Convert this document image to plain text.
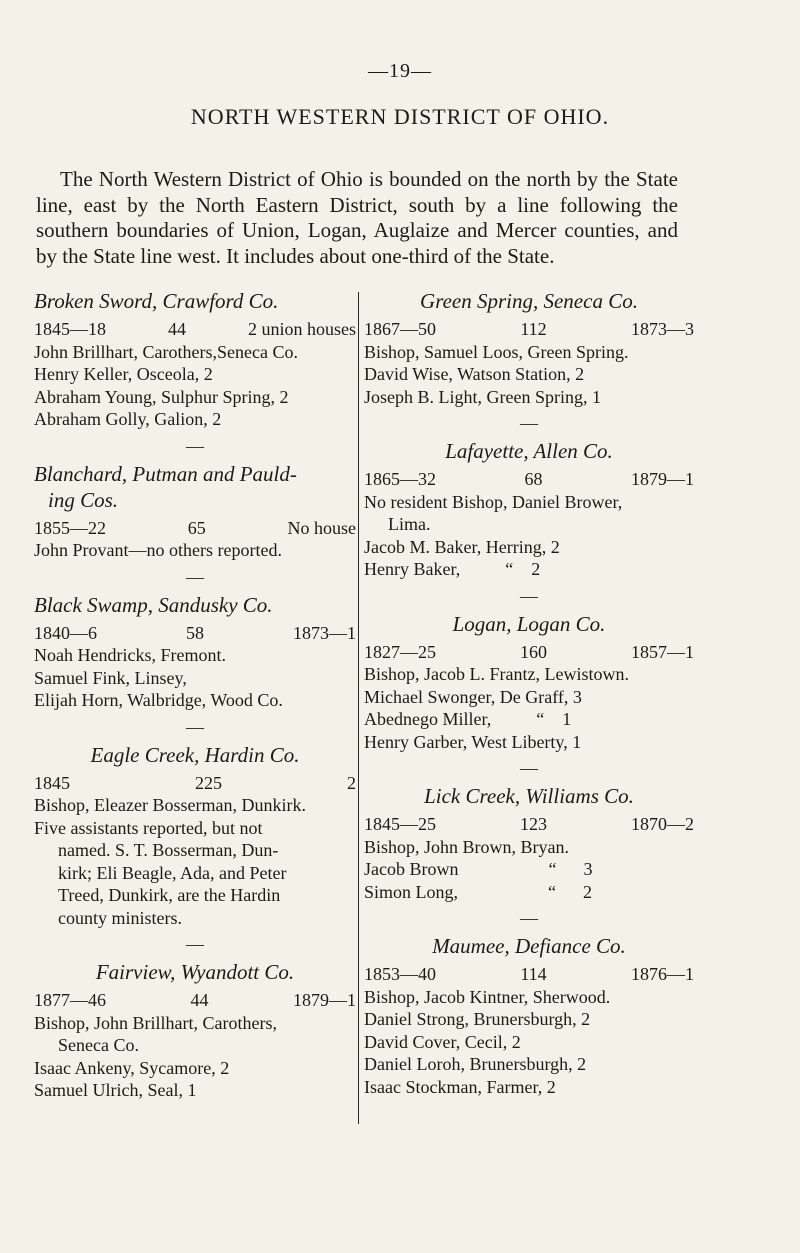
—19—
NORTH WESTERN DISTRICT OF OHIO.

The North Western District of Ohio is bounded on the north by the State line, east by the North Eastern District, south by a line following the southern boundaries of Union, Logan, Auglaize and Mercer counties, and by the State line west. It includes about one-third of the State.

Broken Sword, Crawford Co.
1845—18	44	2 union houses
John Brillhart, Carothers,Seneca Co.
Henry Keller, Osceola, 2
Abraham Young, Sulphur Spring, 2
Abraham Golly, Galion, 2
—
Blanchard, Putman and Pauld-
ing Cos.
1855—22	65	No house
John Provant—no others reported.
—
Black Swamp, Sandusky Co.
1840—6	58	1873—1
Noah Hendricks, Fremont.
Samuel Fink, Linsey,
Elijah Horn, Walbridge, Wood Co.
—
Eagle Creek, Hardin Co.
1845	225	2
Bishop, Eleazer Bosserman, Dunkirk.
Five assistants reported, but not
named. S. T. Bosserman, Dun-
kirk; Eli Beagle, Ada, and Peter
Treed, Dunkirk, are the Hardin
county ministers.
—
Fairview, Wyandott Co.
1877—46	44	1879—1
Bishop, John Brillhart, Carothers,
Seneca Co.
Isaac Ankeny, Sycamore, 2
Samuel Ulrich, Seal, 1
Green Spring, Seneca Co.
1867—50	112	1873—3
Bishop, Samuel Loos, Green Spring.
David Wise, Watson Station, 2
Joseph B. Light, Green Spring, 1
—
Lafayette, Allen Co.
1865—32	68	1879—1
No resident Bishop, Daniel Brower,
Lima.
Jacob M. Baker, Herring, 2
Henry Baker,          “    2
—
Logan, Logan Co.
1827—25	160	1857—1
Bishop, Jacob L. Frantz, Lewistown.
Michael Swonger, De Graff, 3
Abednego Miller,          “    1
Henry Garber, West Liberty, 1
—
Lick Creek, Williams Co.
1845—25	123	1870—2
Bishop, John Brown, Bryan.
Jacob Brown                    “      3
Simon Long,                    “      2
—
Maumee, Defiance Co.
1853—40	114	1876—1
Bishop, Jacob Kintner, Sherwood.
Daniel Strong, Brunersburgh, 2
David Cover, Cecil, 2
Daniel Loroh, Brunersburgh, 2
Isaac Stockman, Farmer, 2
